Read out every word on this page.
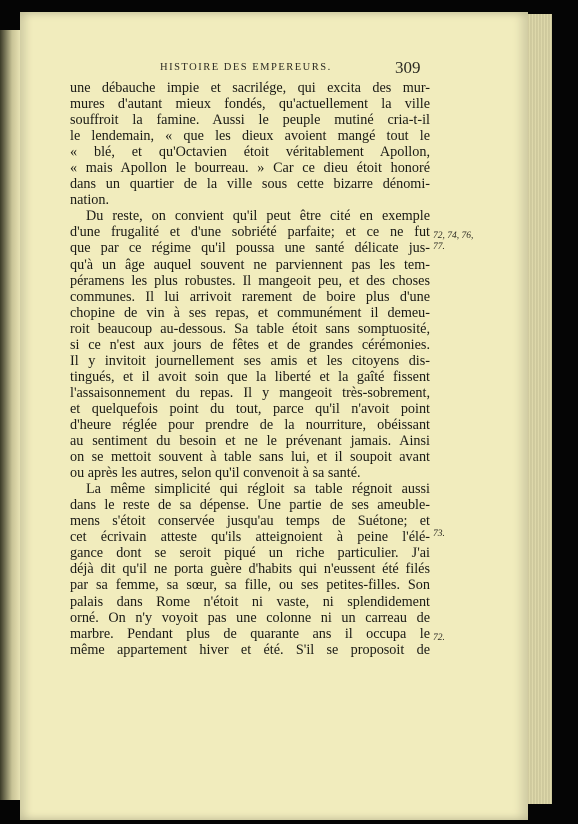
HISTOIRE DES EMPEREURS.	309
une débauche impie et sacrilége, qui excita des mur-
mures d'autant mieux fondés, qu'actuellement la ville
souffroit la famine. Aussi le peuple mutiné cria-t-il
le lendemain, « que les dieux avoient mangé tout le
« blé, et qu'Octavien étoit véritablement Apollon,
« mais Apollon le bourreau. » Car ce dieu étoit honoré
dans un quartier de la ville sous cette bizarre dénomi-
nation.
Du reste, on convient qu'il peut être cité en exemple
d'une frugalité et d'une sobriété parfaite; et ce ne fut
que par ce régime qu'il poussa une santé délicate jus-
qu'à un âge auquel souvent ne parviennent pas les tem-
péramens les plus robustes. Il mangeoit peu, et des choses
communes. Il lui arrivoit rarement de boire plus d'une
chopine de vin à ses repas, et communément il demeu-
roit beaucoup au-dessous. Sa table étoit sans somptuosité,
si ce n'est aux jours de fêtes et de grandes cérémonies.
Il y invitoit journellement ses amis et les citoyens dis-
tingués, et il avoit soin que la liberté et la gaîté fissent
l'assaisonnement du repas. Il y mangeoit très-sobrement,
et quelquefois point du tout, parce qu'il n'avoit point
d'heure réglée pour prendre de la nourriture, obéissant
au sentiment du besoin et ne le prévenant jamais. Ainsi
on se mettoit souvent à table sans lui, et il soupoit avant
ou après les autres, selon qu'il convenoit à sa santé.
La même simplicité qui régloit sa table régnoit aussi
dans le reste de sa dépense. Une partie de ses ameuble-
mens s'étoit conservée jusqu'au temps de Suétone; et
cet écrivain atteste qu'ils atteignoient à peine l'élé-
gance dont se seroit piqué un riche particulier. J'ai
déjà dit qu'il ne porta guère d'habits qui n'eussent été filés
par sa femme, sa sœur, sa fille, ou ses petites-filles. Son
palais dans Rome n'étoit ni vaste, ni splendidement
orné. On n'y voyoit pas une colonne ni un carreau de
marbre. Pendant plus de quarante ans il occupa le
même appartement hiver et été. S'il se proposoit de
72, 74, 76,
77.
73.
72.
